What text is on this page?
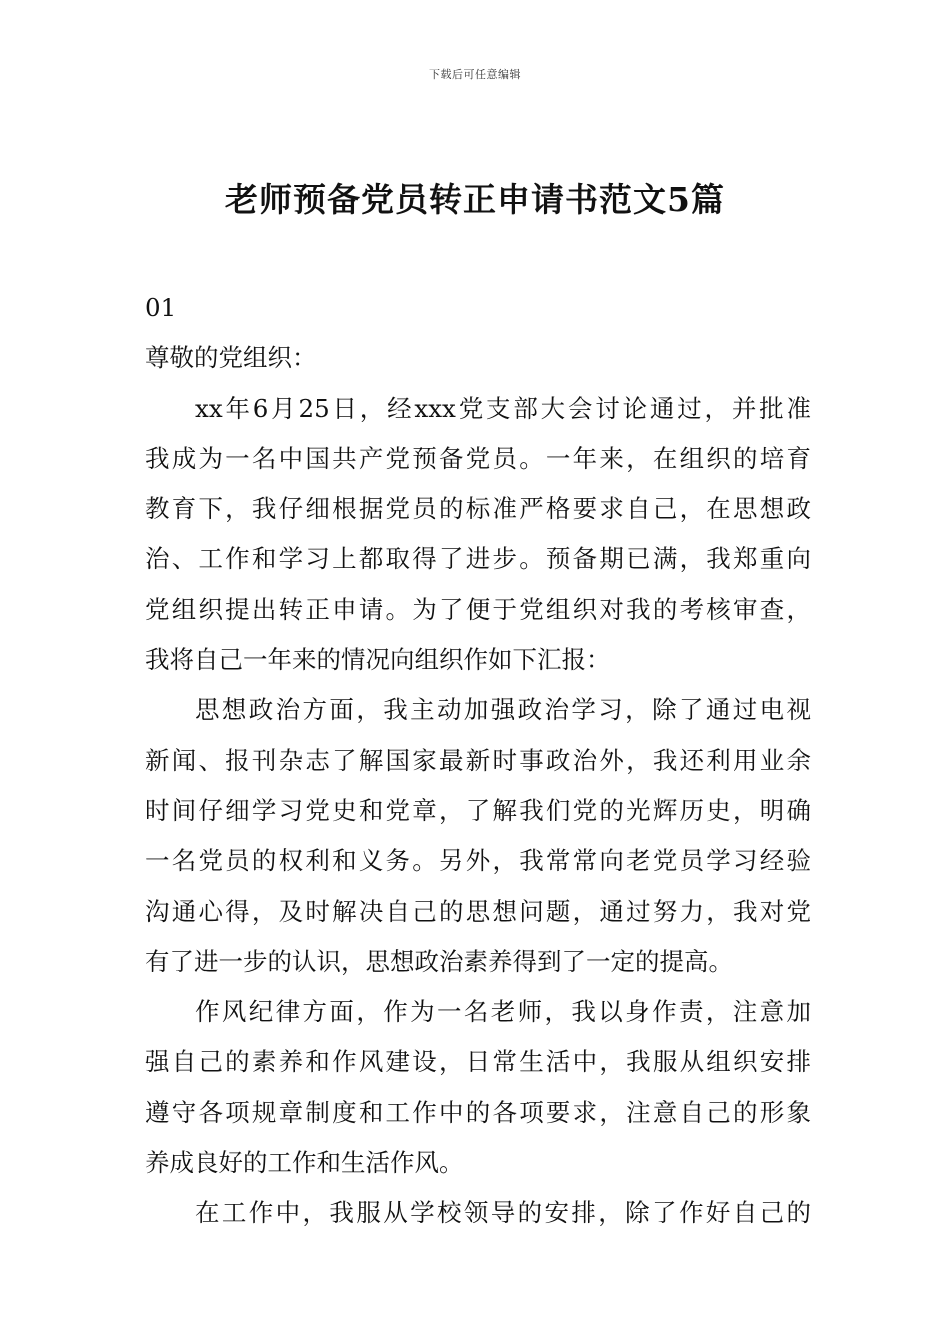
下载后可任意编辑
老师预备党员转正申请书范文5篇
01
尊敬的党组织：
xx年6月25日，经xxx党支部大会讨论通过，并批准
我成为一名中国共产党预备党员。一年来，在组织的培育
教育下，我仔细根据党员的标准严格要求自己，在思想政
治、工作和学习上都取得了进步。预备期已满，我郑重向
党组织提出转正申请。为了便于党组织对我的考核审查，
我将自己一年来的情况向组织作如下汇报：
思想政治方面，我主动加强政治学习，除了通过电视
新闻、报刊杂志了解国家最新时事政治外，我还利用业余
时间仔细学习党史和党章，了解我们党的光辉历史，明确
一名党员的权利和义务。另外，我常常向老党员学习经验
沟通心得，及时解决自己的思想问题，通过努力，我对党
有了进一步的认识，思想政治素养得到了一定的提高。
作风纪律方面，作为一名老师，我以身作责，注意加
强自己的素养和作风建设，日常生活中，我服从组织安排
遵守各项规章制度和工作中的各项要求，注意自己的形象
养成良好的工作和生活作风。
在工作中，我服从学校领导的安排，除了作好自己的
